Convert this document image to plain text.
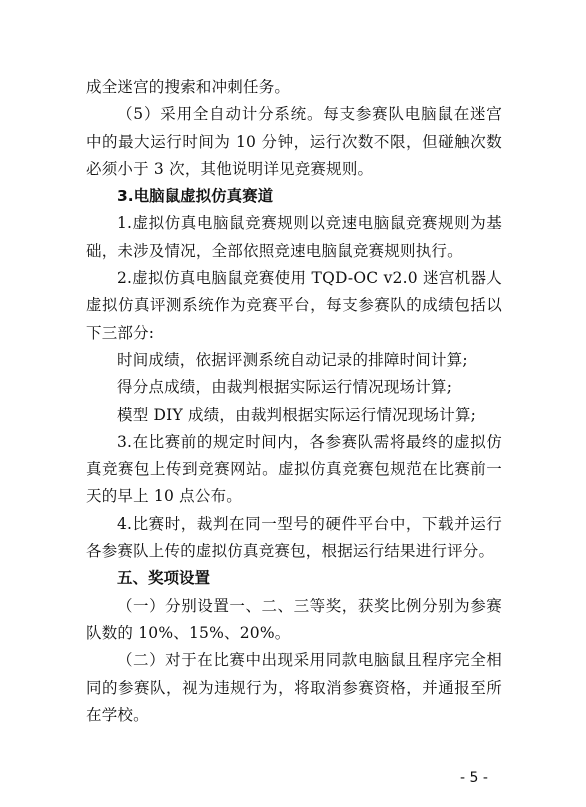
成全迷宫的搜索和冲刺任务。

（5）采用全自动计分系统。每支参赛队电脑鼠在迷宫中的最大运行时间为 10 分钟，运行次数不限，但碰触次数必须小于 3 次，其他说明详见竞赛规则。

3.电脑鼠虚拟仿真赛道

1.虚拟仿真电脑鼠竞赛规则以竞速电脑鼠竞赛规则为基础，未涉及情况，全部依照竞速电脑鼠竞赛规则执行。

2.虚拟仿真电脑鼠竞赛使用 TQD-OC v2.0 迷宫机器人虚拟仿真评测系统作为竞赛平台，每支参赛队的成绩包括以下三部分:

时间成绩，依据评测系统自动记录的排障时间计算;

得分点成绩，由裁判根据实际运行情况现场计算;

模型 DIY 成绩，由裁判根据实际运行情况现场计算;

3.在比赛前的规定时间内，各参赛队需将最终的虚拟仿真竞赛包上传到竞赛网站。虚拟仿真竞赛包规范在比赛前一天的早上 10 点公布。

4.比赛时，裁判在同一型号的硬件平台中，下载并运行各参赛队上传的虚拟仿真竞赛包，根据运行结果进行评分。

五、奖项设置

（一）分别设置一、二、三等奖，获奖比例分别为参赛队数的 10%、15%、20%。

（二）对于在比赛中出现采用同款电脑鼠且程序完全相同的参赛队，视为违规行为，将取消参赛资格，并通报至所在学校。

- 5 -
